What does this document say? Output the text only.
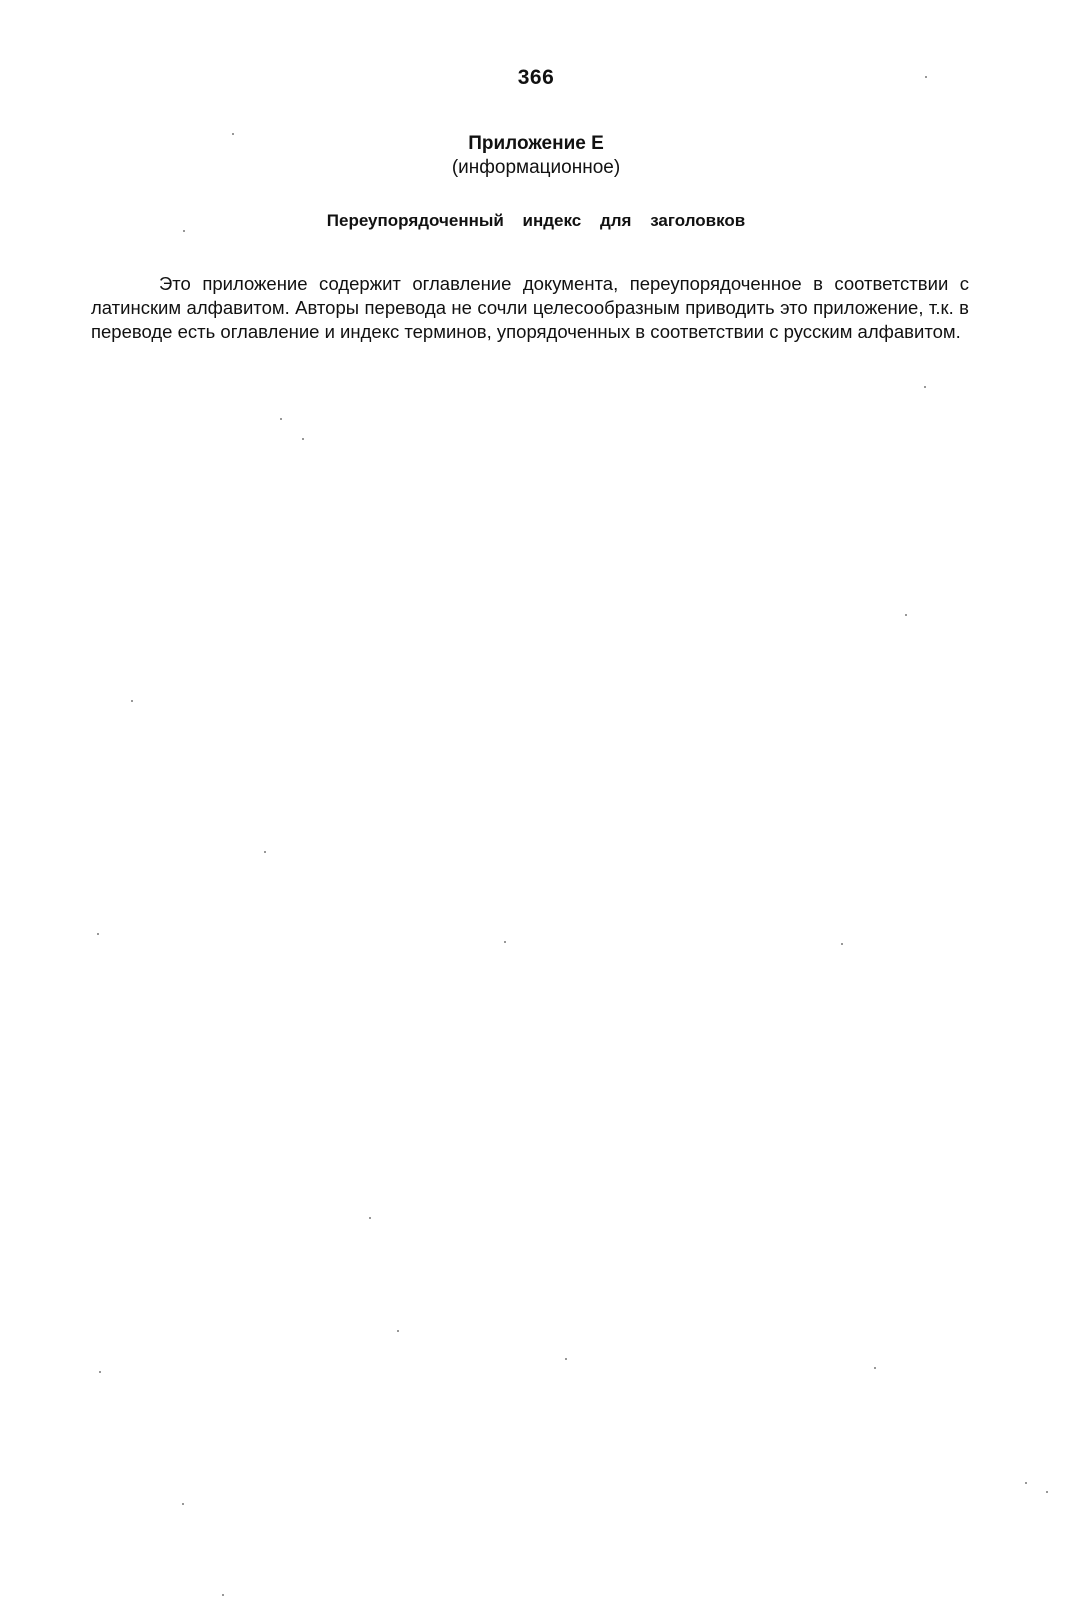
366
Приложение Е
(информационное)
Переупорядоченный индекс для заголовков

Это приложение содержит оглавление документа, переупорядоченное в соответствии с латинским алфавитом. Авторы перевода не сочли целесообразным приводить это приложение, т.к. в переводе есть оглавление и индекс терминов, упорядоченных в соответствии с русским алфавитом.
